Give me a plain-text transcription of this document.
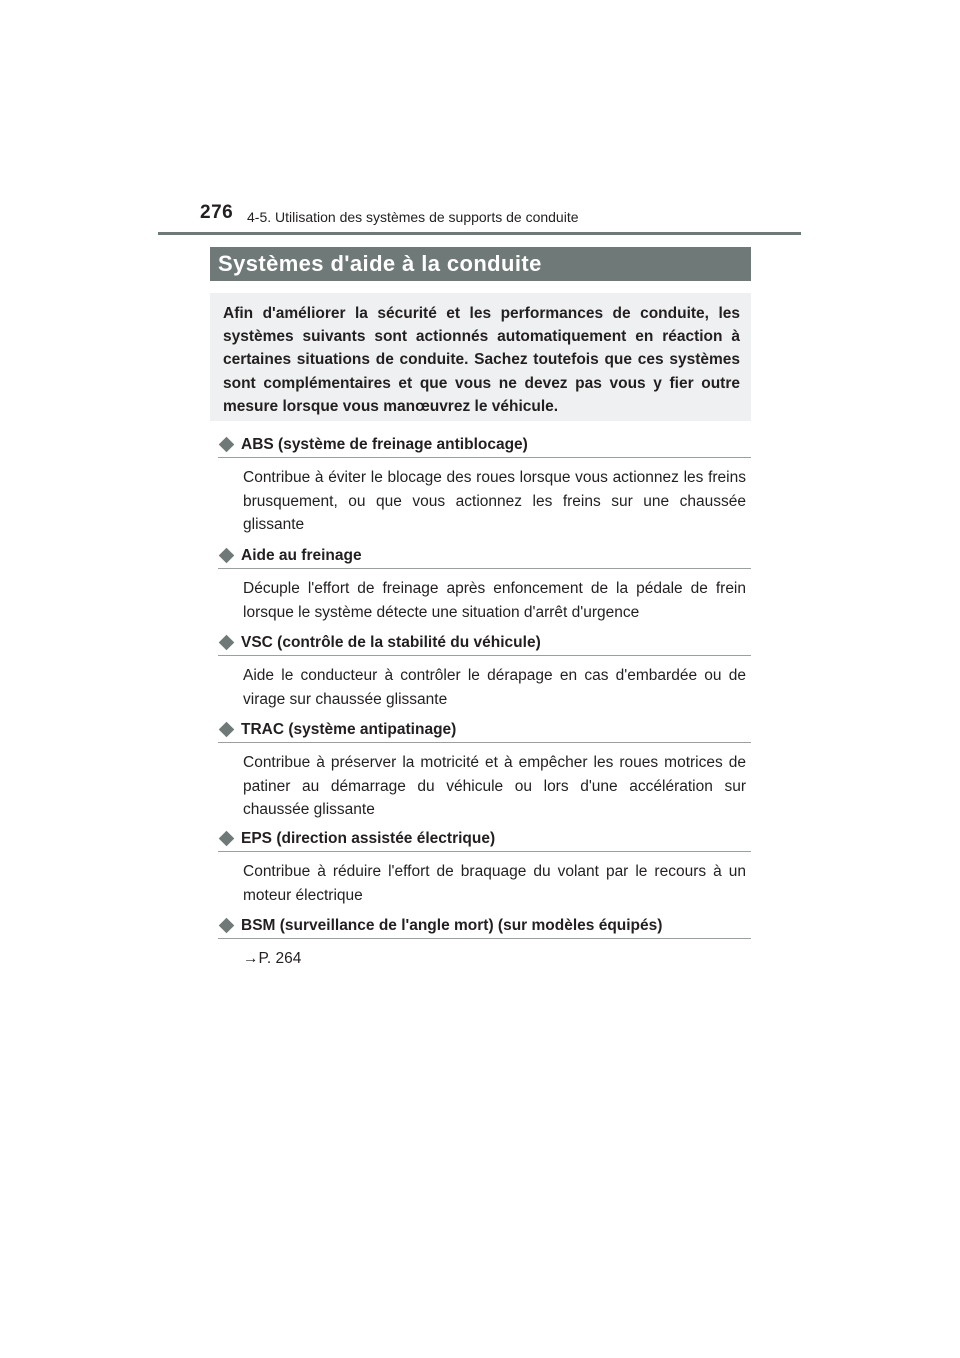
276 4-5. Utilisation des systèmes de supports de conduite
Systèmes d'aide à la conduite

Afin d'améliorer la sécurité et les performances de conduite, les systèmes suivants sont actionnés automatiquement en réaction à certaines situations de conduite. Sachez toutefois que ces systèmes sont complémentaires et que vous ne devez pas vous y fier outre mesure lorsque vous manœuvrez le véhicule.

ABS (système de freinage antiblocage)

Contribue à éviter le blocage des roues lorsque vous actionnez les freins brusquement, ou que vous actionnez les freins sur une chaussée glissante

Aide au freinage

Décuple l'effort de freinage après enfoncement de la pédale de frein lorsque le système détecte une situation d'arrêt d'urgence

VSC (contrôle de la stabilité du véhicule)

Aide le conducteur à contrôler le dérapage en cas d'embardée ou de virage sur chaussée glissante

TRAC (système antipatinage)

Contribue à préserver la motricité et à empêcher les roues motrices de patiner au démarrage du véhicule ou lors d'une accélération sur chaussée glissante

EPS (direction assistée électrique)

Contribue à réduire l'effort de braquage du volant par le recours à un moteur électrique

BSM (surveillance de l'angle mort) (sur modèles équipés)

→P. 264
